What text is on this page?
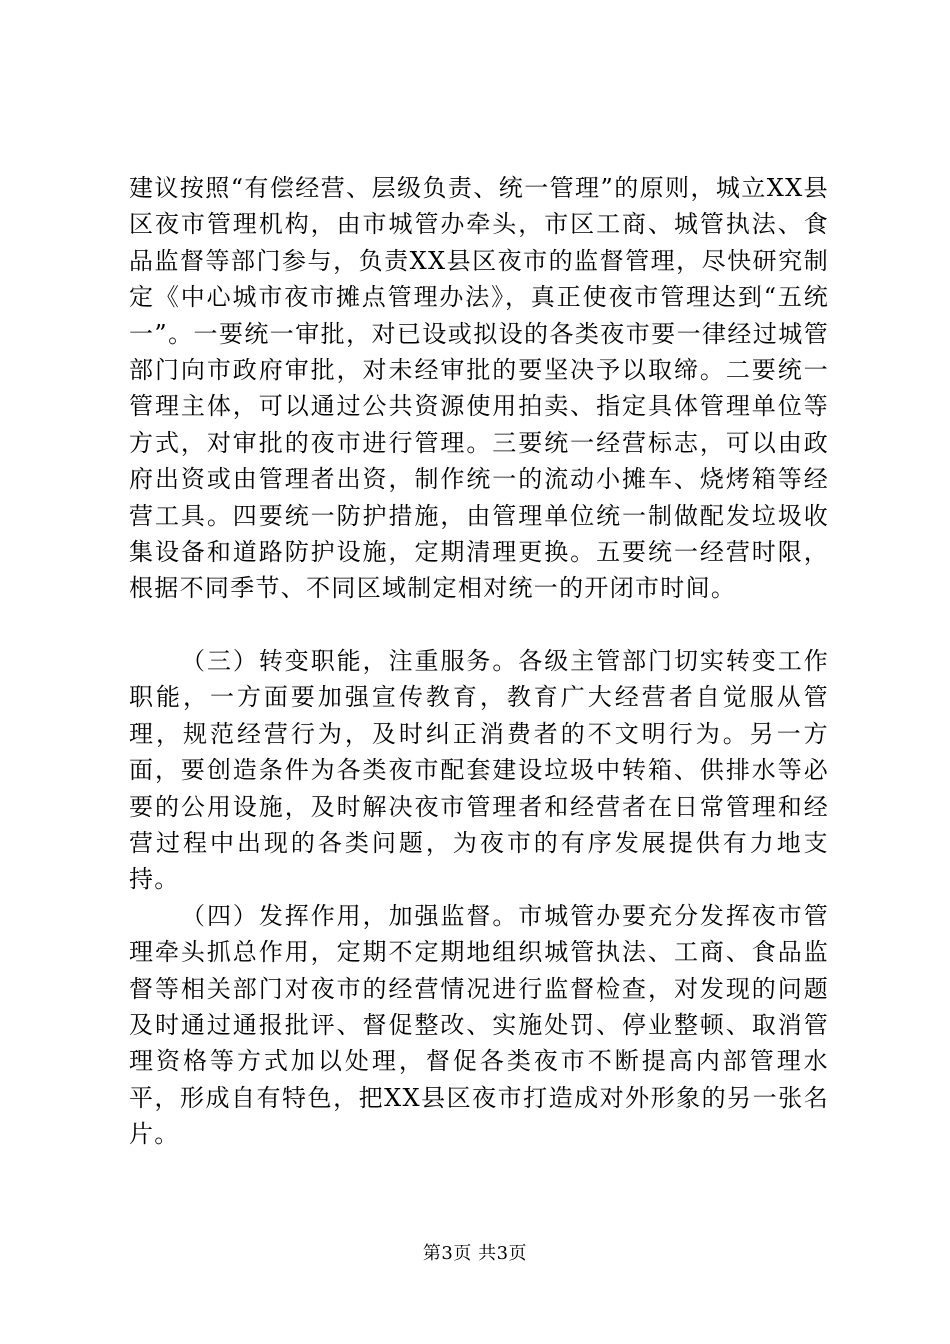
建议按照“有偿经营、层级负责、统一管理”的原则，城立XX县区夜市管理机构，由市城管办牵头，市区工商、城管执法、食品监督等部门参与，负责XX县区夜市的监督管理，尽快研究制定《中心城市夜市摊点管理办法》，真正使夜市管理达到“五统一”。一要统一审批，对已设或拟设的各类夜市要一律经过城管部门向市政府审批，对未经审批的要坚决予以取缔。二要统一管理主体，可以通过公共资源使用拍卖、指定具体管理单位等方式，对审批的夜市进行管理。三要统一经营标志，可以由政府出资或由管理者出资，制作统一的流动小摊车、烧烤箱等经营工具。四要统一防护措施，由管理单位统一制做配发垃圾收集设备和道路防护设施，定期清理更换。五要统一经营时限，根据不同季节、不同区域制定相对统一的开闭市时间。

（三）转变职能，注重服务。各级主管部门切实转变工作职能，一方面要加强宣传教育，教育广大经营者自觉服从管理，规范经营行为，及时纠正消费者的不文明行为。另一方面，要创造条件为各类夜市配套建设垃圾中转箱、供排水等必要的公用设施，及时解决夜市管理者和经营者在日常管理和经营过程中出现的各类问题，为夜市的有序发展提供有力地支持。

（四）发挥作用，加强监督。市城管办要充分发挥夜市管理牵头抓总作用，定期不定期地组织城管执法、工商、食品监督等相关部门对夜市的经营情况进行监督检查，对发现的问题及时通过通报批评、督促整改、实施处罚、停业整顿、取消管理资格等方式加以处理，督促各类夜市不断提高内部管理水平，形成自有特色，把XX县区夜市打造成对外形象的另一张名片。

第3页 共3页
